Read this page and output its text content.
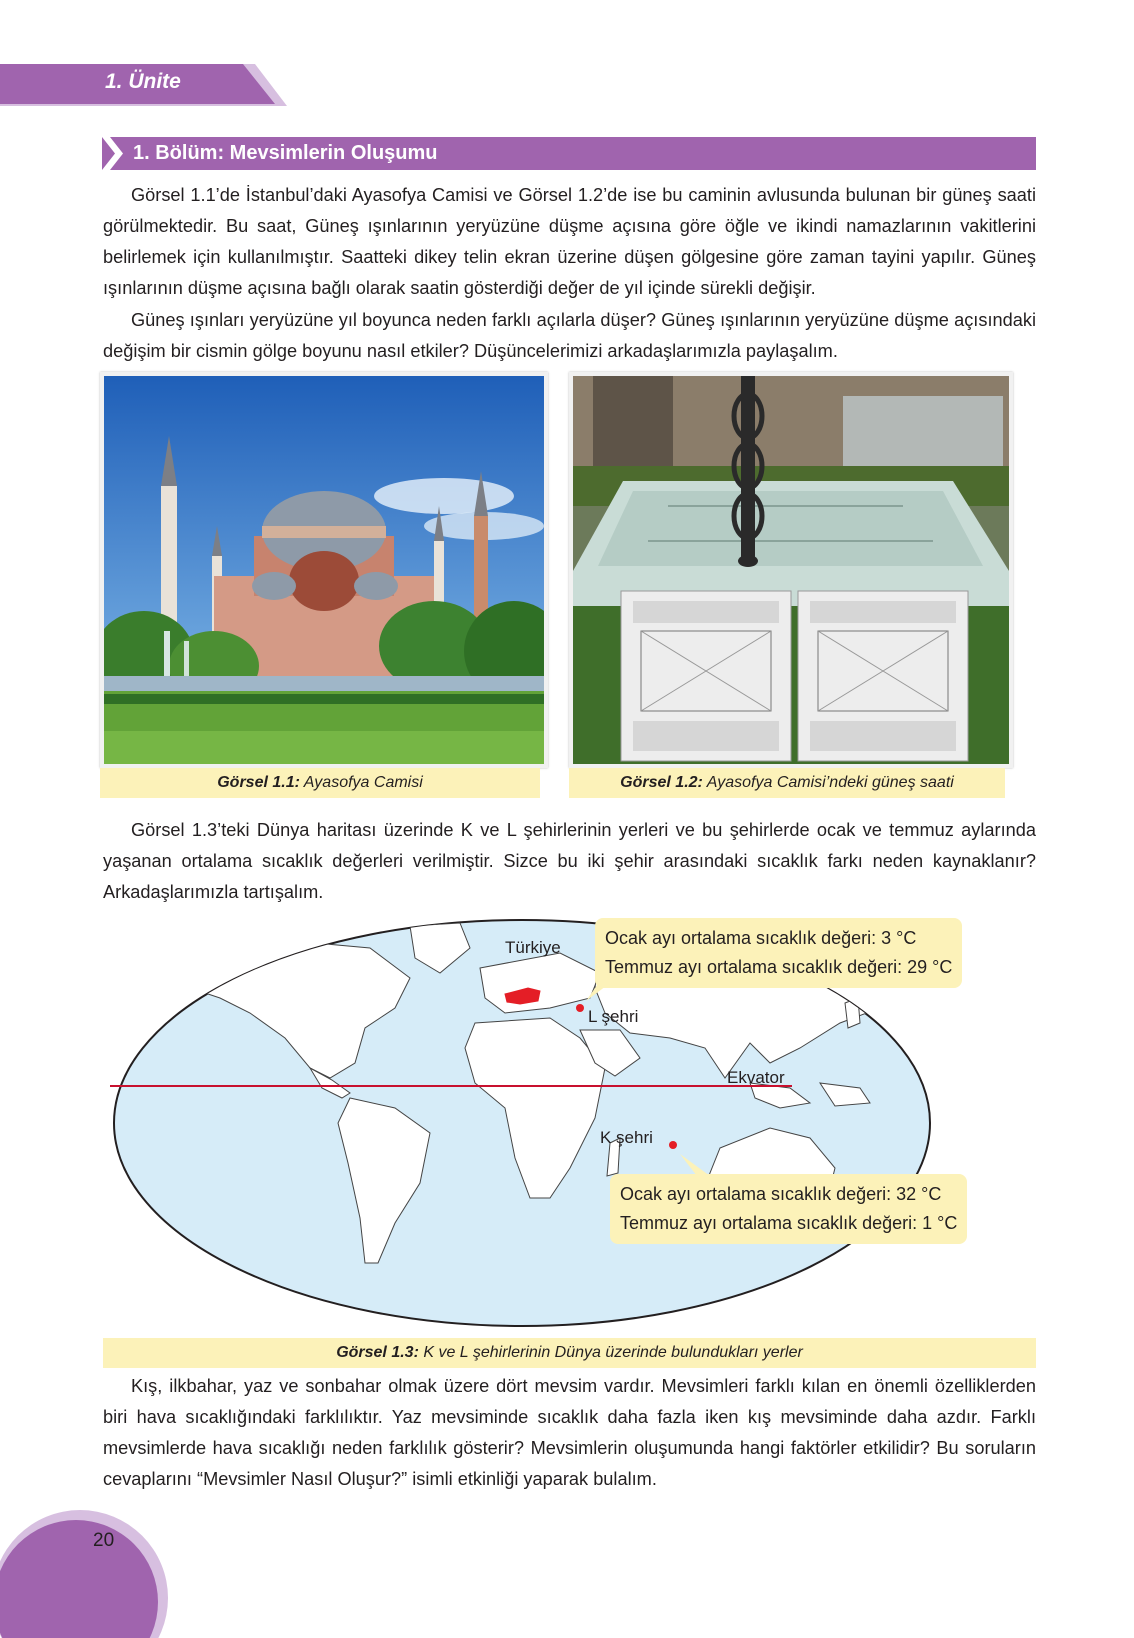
1. Ünite
1. Bölüm: Mevsimlerin Oluşumu

Görsel 1.1’de İstanbul’daki Ayasofya Camisi ve Görsel 1.2’de ise bu caminin avlusunda bulunan bir güneş saati görülmektedir. Bu saat, Güneş ışınlarının yeryüzüne düşme açısına göre öğle ve ikindi namazlarının vakitlerini belirlemek için kullanılmıştır. Saatteki dikey telin ekran üzerine düşen gölgesine göre zaman tayini yapılır. Güneş ışınlarının düşme açısına bağlı olarak saatin gösterdiği değer de yıl içinde sürekli değişir.

Güneş ışınları yeryüzüne yıl boyunca neden farklı açılarla düşer? Güneş ışınlarının yeryüzüne düşme açısındaki değişim bir cismin gölge boyunu nasıl etkiler? Düşüncelerimizi arkadaşlarımızla paylaşalım.

Görsel 1.1: Ayasofya Camisi	Görsel 1.2: Ayasofya Camisi’ndeki güneş saati

Görsel 1.3’teki Dünya haritası üzerinde K ve L şehirlerinin yerleri ve bu şehirlerde ocak ve temmuz aylarında yaşanan ortalama sıcaklık değerleri verilmiştir. Sizce bu iki şehir arasındaki sıcaklık farkı neden kaynaklanır? Arkadaşlarımızla tartışalım.

Türkiye
L şehri
K şehri
Ekvator
Ocak ayı ortalama sıcaklık değeri: 3 °C
Temmuz ayı ortalama sıcaklık değeri: 29 °C
Ocak ayı ortalama sıcaklık değeri: 32 °C
Temmuz ayı ortalama sıcaklık değeri: 1 °C
Görsel 1.3: K ve L şehirlerinin Dünya üzerinde bulundukları yerler

Kış, ilkbahar, yaz ve sonbahar olmak üzere dört mevsim vardır. Mevsimleri farklı kılan en önemli özelliklerden biri hava sıcaklığındaki farklılıktır. Yaz mevsiminde sıcaklık daha fazla iken kış mevsiminde daha azdır. Farklı mevsimlerde hava sıcaklığı neden farklılık gösterir? Mevsimlerin oluşumunda hangi faktörler etkilidir? Bu soruların cevaplarını “Mevsimler Nasıl Oluşur?” isimli etkinliği yaparak bulalım.

20
